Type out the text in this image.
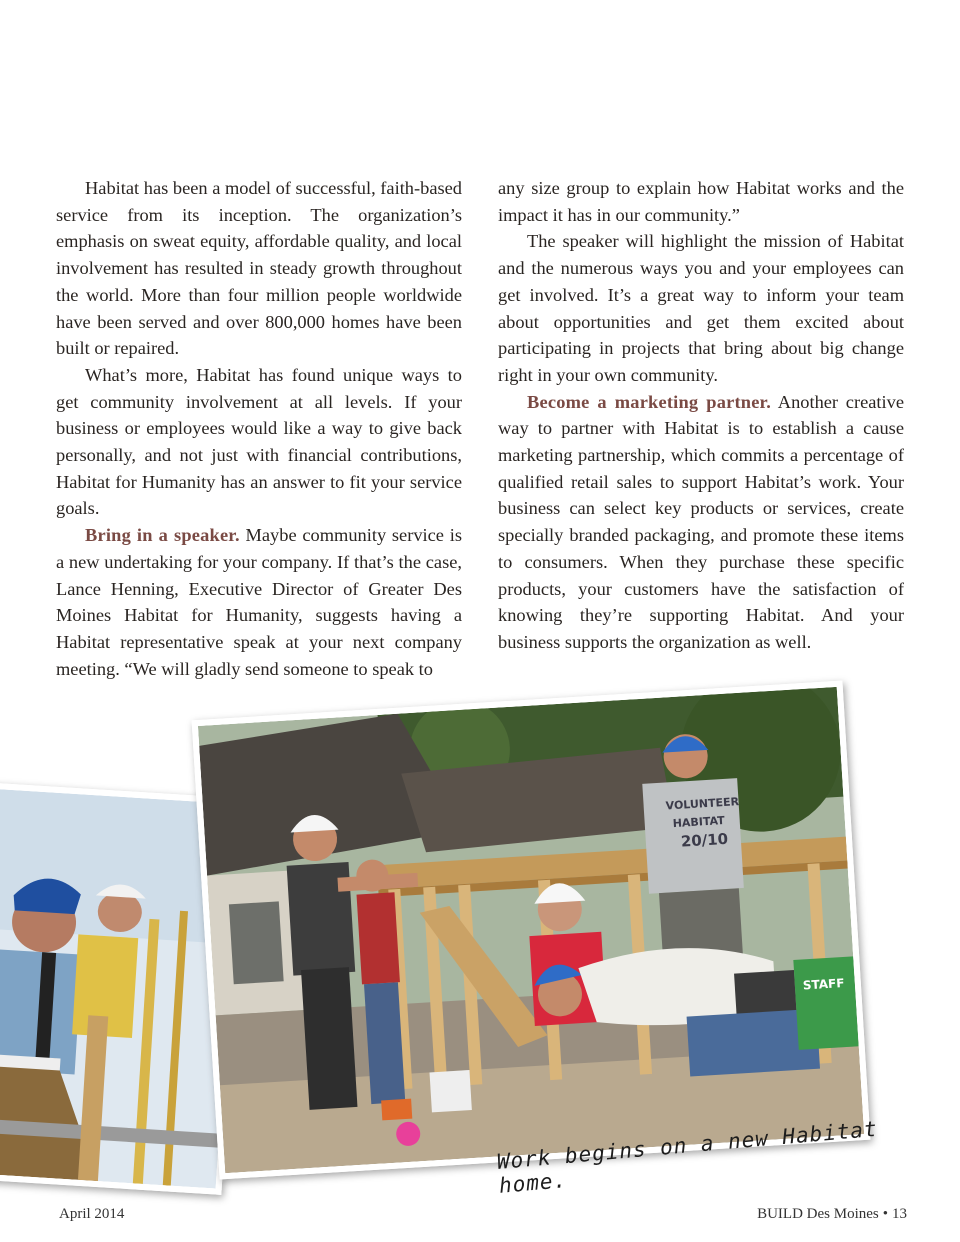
Habitat has been a model of successful, faith-based service from its inception. The organization’s emphasis on sweat equity, affordable quality, and local involvement has resulted in steady growth throughout the world. More than four million people worldwide have been served and over 800,000 homes have been built or repaired.

What’s more, Habitat has found unique ways to get community involvement at all levels. If your business or employees would like a way to give back personally, and not just with financial contributions, Habitat for Humanity has an answer to fit your service goals.

Bring in a speaker. Maybe community service is a new undertaking for your company. If that’s the case, Lance Henning, Executive Director of Greater Des Moines Habitat for Humanity, suggests having a Habitat representative speak at your next company meeting. “We will gladly send someone to speak to

any size group to explain how Habitat works and the impact it has in our community.”

The speaker will highlight the mission of Habitat and the numerous ways you and your employees can get involved. It’s a great way to inform your team about opportunities and get them excited about participating in projects that bring about big change right in your own community.

Become a marketing partner. Another creative way to partner with Habitat is to establish a cause marketing partnership, which commits a percentage of qualified retail sales to support Habitat’s work. Your business can select key products or services, create specially branded packaging, and promote these items to consumers. When they purchase these specific products, your customers have the satisfaction of knowing they’re supporting Habitat. And your business supports the organization as well.

VOLUNTEER
HABITAT
20/10
STAFF
Work begins on a new Habitat home.
April 2014	BUILD Des Moines • 13
